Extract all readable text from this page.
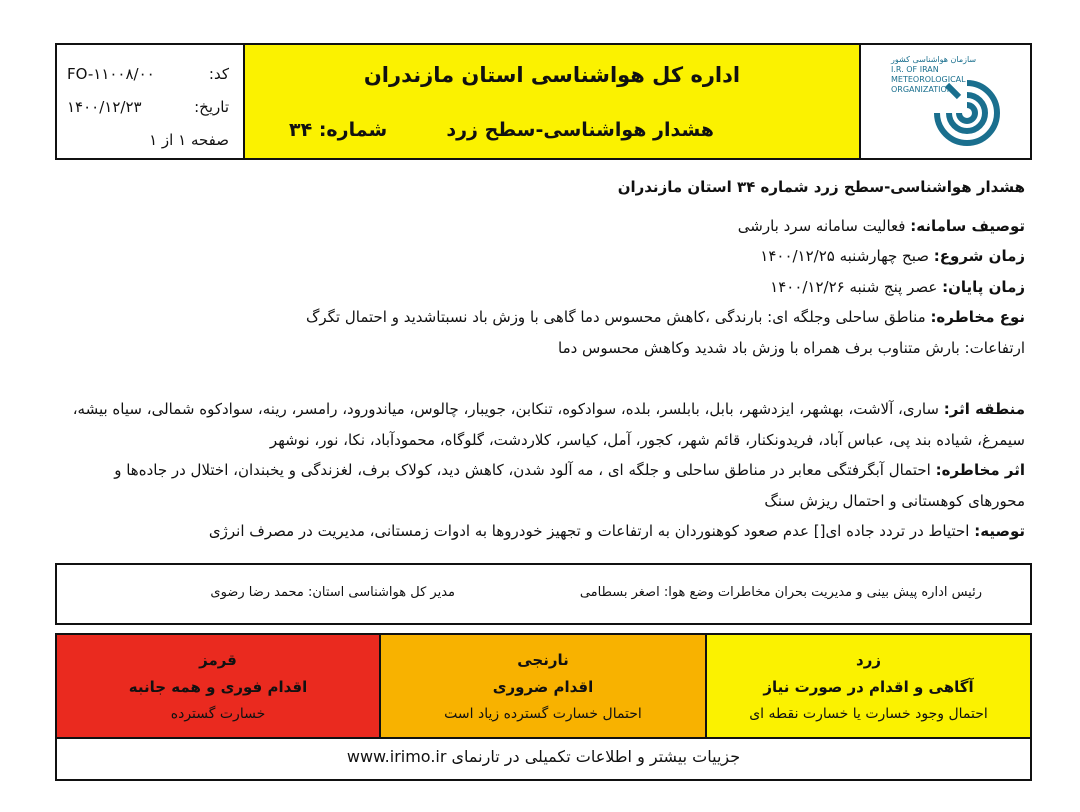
کد:
FO-۱۱۰۰۸/۰۰
تاریخ:
۱۴۰۰/۱۲/۲۳
صفحه ۱ از ۱
اداره کل هواشناسی استان مازندران
هشدار هواشناسی-سطح زرد
شماره: ۳۴
سازمان هواشناسی کشور
I.R. OF IRAN
METEOROLOGICAL
ORGANIZATION

هشدار هواشناسی-سطح زرد شماره ۳۴ استان مازندران

توصیف سامانه: فعالیت سامانه سرد بارشی

زمان شروع: صبح چهارشنبه ۱۴۰۰/۱۲/۲۵

زمان پایان: عصر پنج شنبه ۱۴۰۰/۱۲/۲۶

نوع مخاطره: مناطق ساحلی وجلگه ای: بارندگی ،کاهش محسوس دما گاهی با وزش باد نسبتاشدید و احتمال تگرگ

ارتفاعات: بارش متناوب برف همراه با وزش باد شدید وکاهش محسوس دما

منطقه اثر: ساری، آلاشت، بهشهر، ایزدشهر، بابل، بابلسر، بلده، سوادکوه، تنکابن، جویبار، چالوس، میاندورود، رامسر، رینه، سوادکوه شمالی، سیاه بیشه، سیمرغ، شیاده بند پی، عباس آباد، فریدونکنار، قائم شهر، کجور، آمل، کیاسر، کلاردشت، گلوگاه، محمودآباد، نکا، نور، نوشهر

اثر مخاطره: احتمال آبگرفتگی معابر در مناطق ساحلی و جلگه ای ، مه آلود شدن، کاهش دید، کولاک برف، لغزندگی و یخبندان، اختلال در جاده‌ها و محورهای کوهستانی و احتمال ریزش سنگ

توصیه: احتیاط در تردد جاده ای[] عدم صعود کوهنوردان به ارتفاعات و تجهیز خودروها به ادوات زمستانی، مدیریت در مصرف انرژی

رئیس اداره پیش بینی و مدیریت بحران مخاطرات وضع هوا: اصغر بسطامی
مدیر کل هواشناسی استان: محمد رضا رضوی
زرد
آگاهی و اقدام در صورت نیاز
احتمال وجود خسارت یا خسارت نقطه ای
نارنجی
اقدام ضروری
احتمال خسارت گسترده زیاد است
قرمز
اقدام فوری و همه جانبه
خسارت گسترده
جزییات بیشتر و اطلاعات تکمیلی در تارنمای www.irimo.ir
